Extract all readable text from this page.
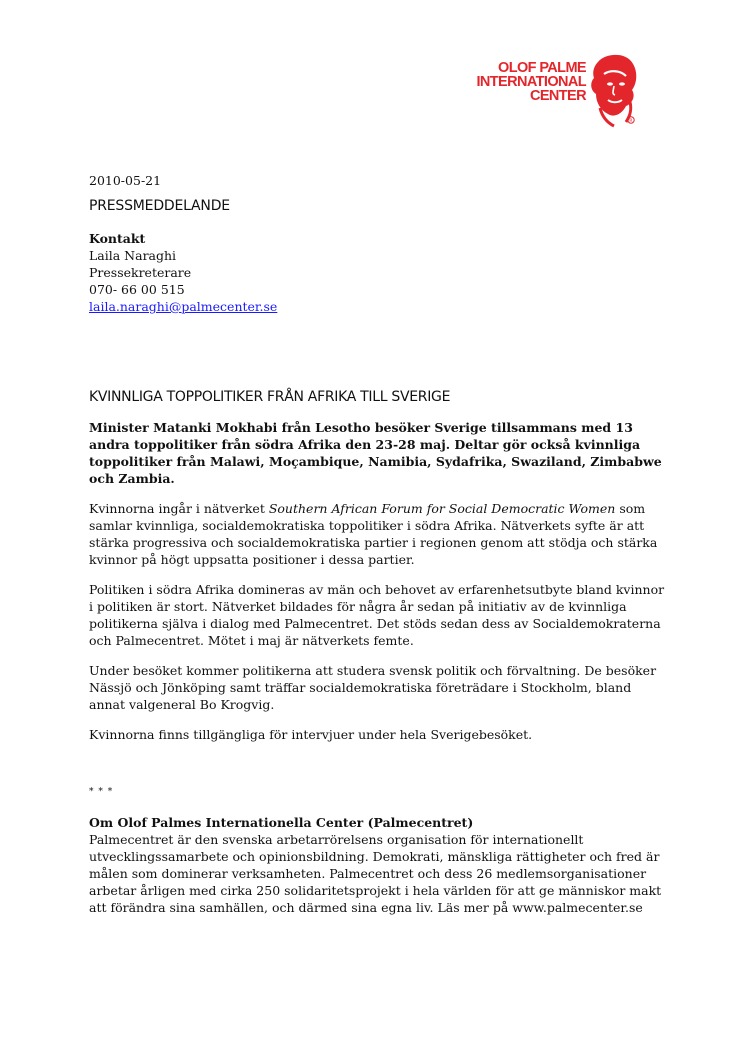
OLOF PALME
INTERNATIONAL
CENTER
R
2010-05-21
PRESSMEDDELANDE
Kontakt
Laila Naraghi
Pressekreterare
070- 66 00 515
laila.naraghi@palmecenter.se
KVINNLIGA TOPPOLITIKER FRÅN AFRIKA TILL SVERIGE

Minister Matanki Mokhabi från Lesotho besöker Sverige tillsammans med 13 andra toppolitiker från södra Afrika den 23-28 maj. Deltar gör också kvinnliga toppolitiker från Malawi, Moçambique, Namibia, Sydafrika, Swaziland, Zimbabwe och Zambia.

Kvinnorna ingår i nätverket Southern African Forum for Social Democratic Women som samlar kvinnliga, socialdemokratiska toppolitiker i södra Afrika. Nätverkets syfte är att stärka progressiva och socialdemokratiska partier i regionen genom att stödja och stärka kvinnor på högt uppsatta positioner i dessa partier.

Politiken i södra Afrika domineras av män och behovet av erfarenhetsutbyte bland kvinnor i politiken är stort. Nätverket bildades för några år sedan på initiativ av de kvinnliga politikerna själva i dialog med Palmecentret. Det stöds sedan dess av Socialdemokraterna och Palmecentret. Mötet i maj är nätverkets femte.

Under besöket kommer politikerna att studera svensk politik och förvaltning. De besöker Nässjö och Jönköping samt träffar socialdemokratiska företrädare i Stockholm, bland annat valgeneral Bo Krogvig.

Kvinnorna finns tillgängliga för intervjuer under hela Sverigebesöket.

* * *
Om Olof Palmes Internationella Center (Palmecentret)

Palmecentret är den svenska arbetarrörelsens organisation för internationellt utvecklingssamarbete och opinionsbildning. Demokrati, mänskliga rättigheter och fred är målen som dominerar verksamheten. Palmecentret och dess 26 medlemsorganisationer arbetar årligen med cirka 250 solidaritetsprojekt i hela världen för att ge människor makt att förändra sina samhällen, och därmed sina egna liv. Läs mer på www.palmecenter.se
